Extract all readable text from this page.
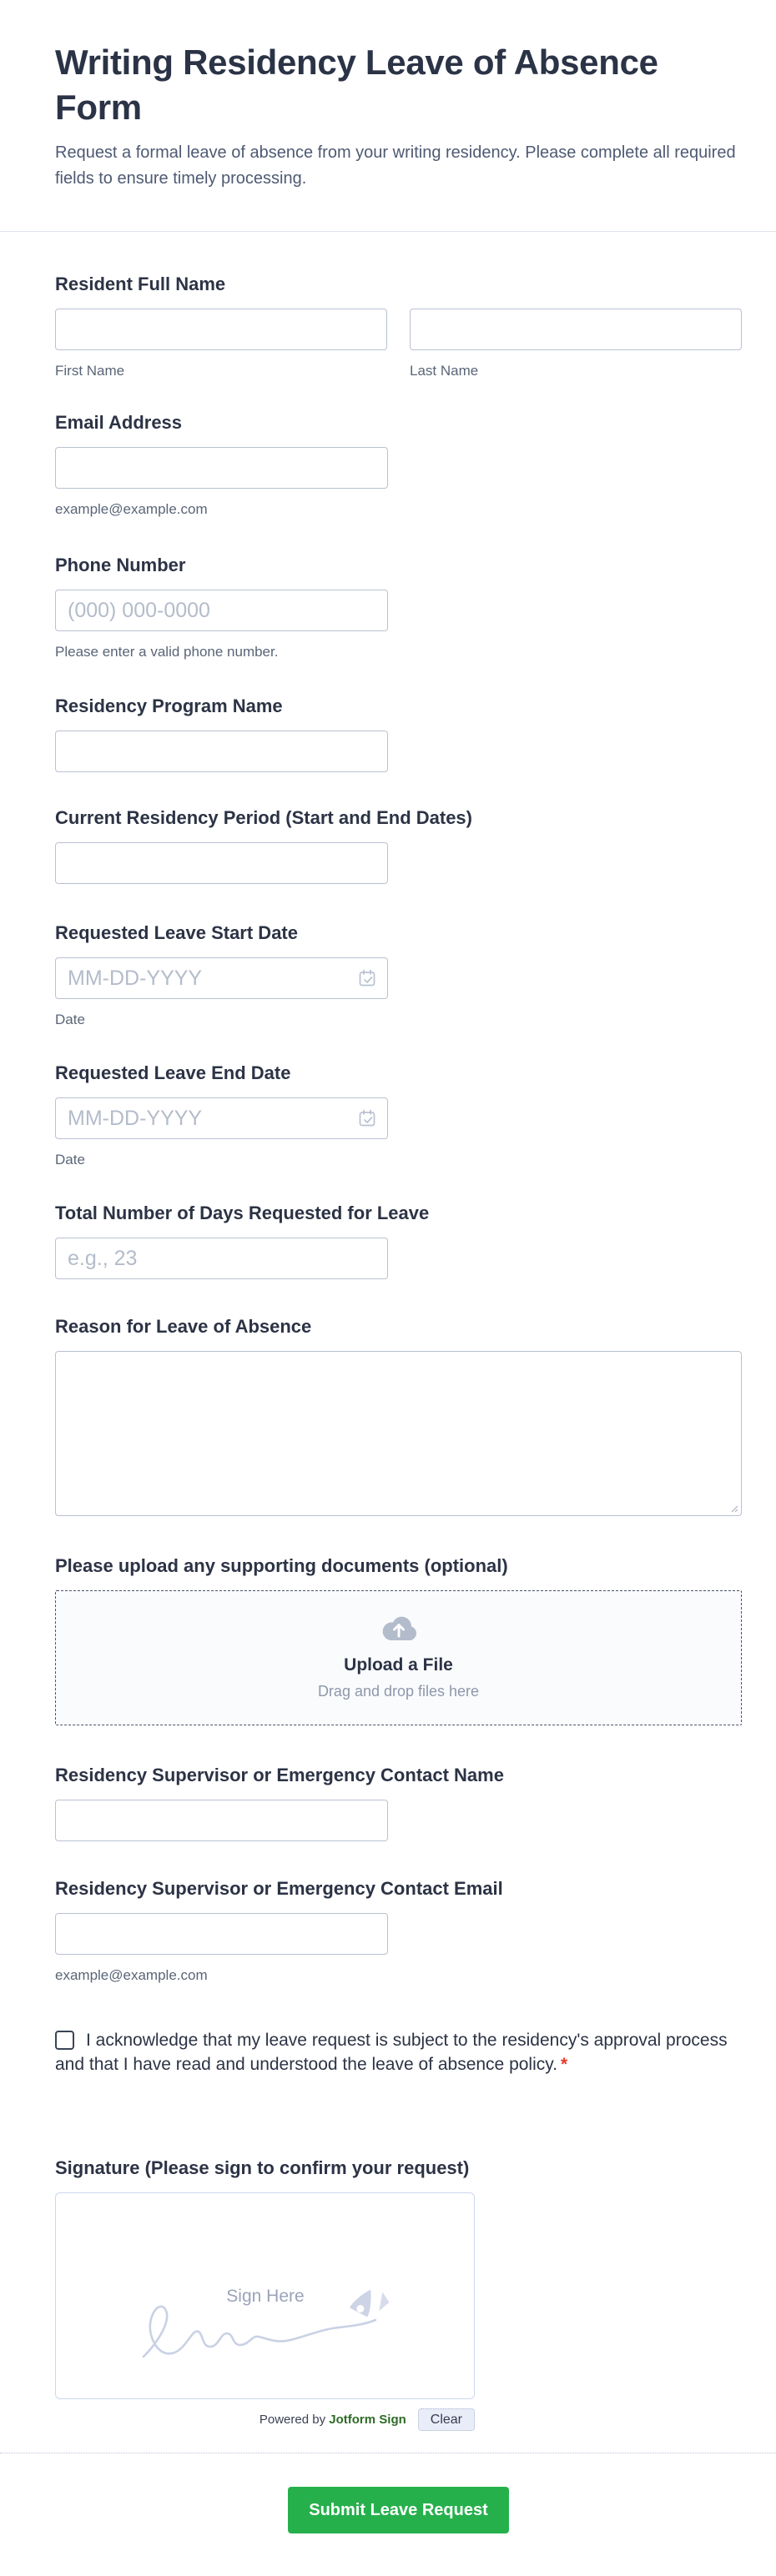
Writing Residency Leave of Absence Form

Request a formal leave of absence from your writing residency. Please complete all required fields to ensure timely processing.

Resident Full Name
First Name	Last Name
Email Address
example@example.com
Phone Number
(000) 000-0000
Please enter a valid phone number.
Residency Program Name
Current Residency Period (Start and End Dates)
Requested Leave Start Date
MM-DD-YYYY
Date
Requested Leave End Date
MM-DD-YYYY
Date
Total Number of Days Requested for Leave
e.g., 23
Reason for Leave of Absence
Please upload any supporting documents (optional)
Upload a File
Drag and drop files here
Residency Supervisor or Emergency Contact Name
Residency Supervisor or Emergency Contact Email
example@example.com
I acknowledge that my leave request is subject to the residency's approval process and that I have read and understood the leave of absence policy. *
Signature (Please sign to confirm your request)
Sign Here
Powered by Jotform Sign	Clear
Submit Leave Request
